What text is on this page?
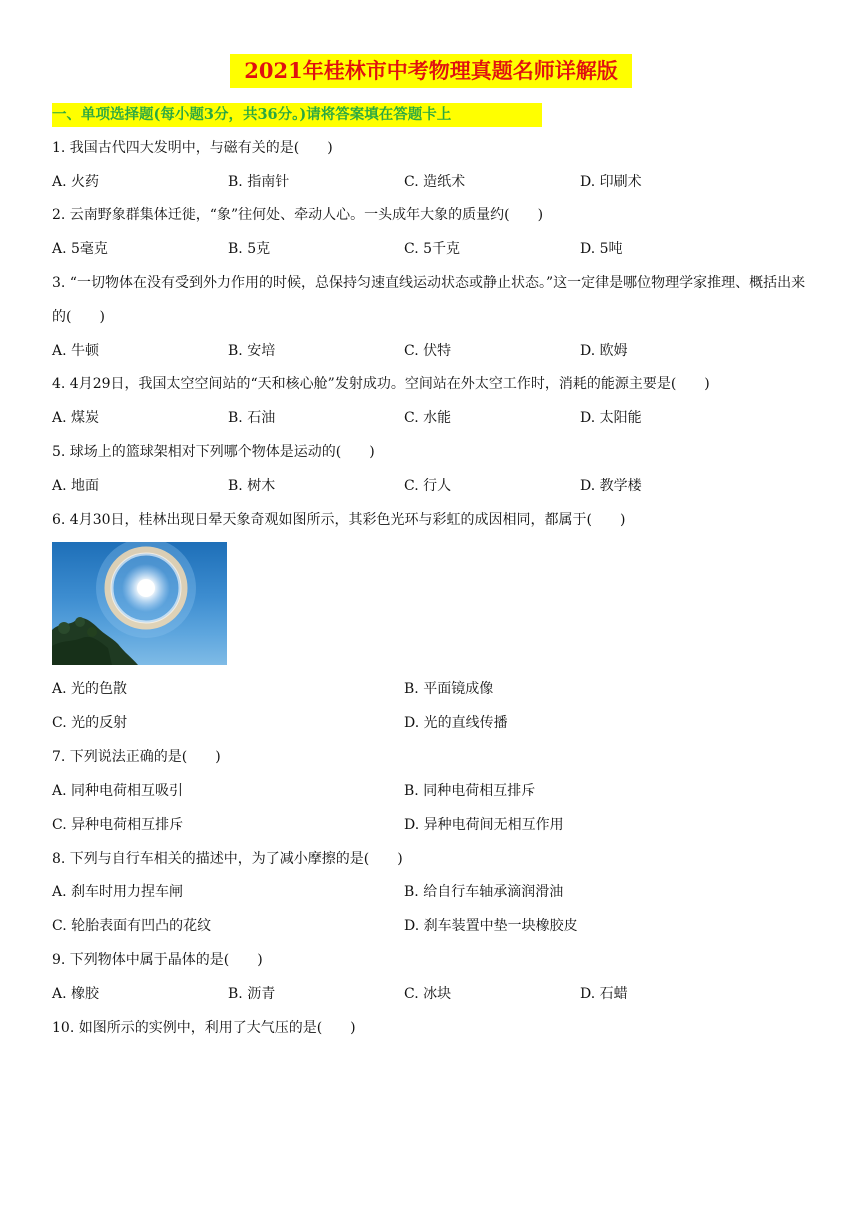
2021年桂林市中考物理真题名师详解版
一、单项选择题(每小题3分，共36分。)请将答案填在答题卡上
1. 我国古代四大发明中，与磁有关的是(　　)
A. 火药	B. 指南针	C. 造纸术	D. 印刷术
2. 云南野象群集体迁徙，“象”往何处、牵动人心。一头成年大象的质量约(　　)
A. 5毫克	B. 5克	C. 5千克	D. 5吨
3. “一切物体在没有受到外力作用的时候，总保持匀速直线运动状态或静止状态。”这一定律是哪位物理学家推理、概括出来的(　　)
A. 牛顿	B. 安培	C. 伏特	D. 欧姆
4. 4月29日，我国太空空间站的“天和核心舱”发射成功。空间站在外太空工作时，消耗的能源主要是(　　)
A. 煤炭	B. 石油	C. 水能	D. 太阳能
5. 球场上的篮球架相对下列哪个物体是运动的(　　)
A. 地面	B. 树木	C. 行人	D. 教学楼
6. 4月30日，桂林出现日晕天象奇观如图所示，其彩色光环与彩虹的成因相同，都属于(　　)
A. 光的色散	B. 平面镜成像
C. 光的反射	D. 光的直线传播
7. 下列说法正确的是(　　)
A. 同种电荷相互吸引	B. 同种电荷相互排斥
C. 异种电荷相互排斥	D. 异种电荷间无相互作用
8. 下列与自行车相关的描述中，为了减小摩擦的是(　　)
A. 刹车时用力捏车闸	B. 给自行车轴承滴润滑油
C. 轮胎表面有凹凸的花纹	D. 刹车装置中垫一块橡胶皮
9. 下列物体中属于晶体的是(　　)
A. 橡胶	B. 沥青	C. 冰块	D. 石蜡
10. 如图所示的实例中，利用了大气压的是(　　)
